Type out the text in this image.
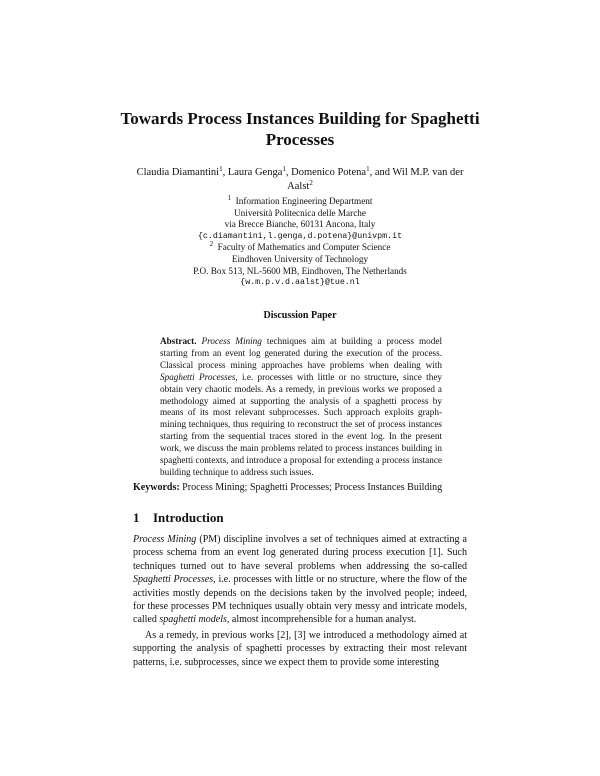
Towards Process Instances Building for Spaghetti Processes
Claudia Diamantini$^1$, Laura Genga$^1$, Domenico Potena$^1$, and Wil M.P. van der Aalst$^2$
$^1$ Information Engineering Department
Università Politecnica delle Marche
via Brecce Bianche, 60131 Ancona, Italy
{c.diamantini,l.genga,d.potena}@univpm.it
$^2$ Faculty of Mathematics and Computer Science
Eindhoven University of Technology
P.O. Box 513, NL-5600 MB, Eindhoven, The Netherlands
{w.m.p.v.d.aalst}@tue.nl
Discussion Paper
Abstract. Process Mining techniques aim at building a process model starting from an event log generated during the execution of the process. Classical process mining approaches have problems when dealing with Spaghetti Processes, i.e. processes with little or no structure, since they obtain very chaotic models. As a remedy, in previous works we proposed a methodology aimed at supporting the analysis of a spaghetti process by means of its most relevant subprocesses. Such approach exploits graph-mining techniques, thus requiring to reconstruct the set of process instances starting from the sequential traces stored in the event log. In the present work, we discuss the main problems related to process instances building in spaghetti contexts, and introduce a proposal for extending a process instance building technique to address such issues.
Keywords: Process Mining; Spaghetti Processes; Process Instances Building
1 Introduction

Process Mining (PM) discipline involves a set of techniques aimed at extracting a process schema from an event log generated during process execution [1]. Such techniques turned out to have several problems when addressing the so-called Spaghetti Processes, i.e. processes with little or no structure, where the flow of the activities mostly depends on the decisions taken by the involved people; indeed, for these processes PM techniques usually obtain very messy and intricate models, called spaghetti models, almost incomprehensible for a human analyst.

As a remedy, in previous works [2], [3] we introduced a methodology aimed at supporting the analysis of spaghetti processes by extracting their most relevant patterns, i.e. subprocesses, since we expect them to provide some interesting
